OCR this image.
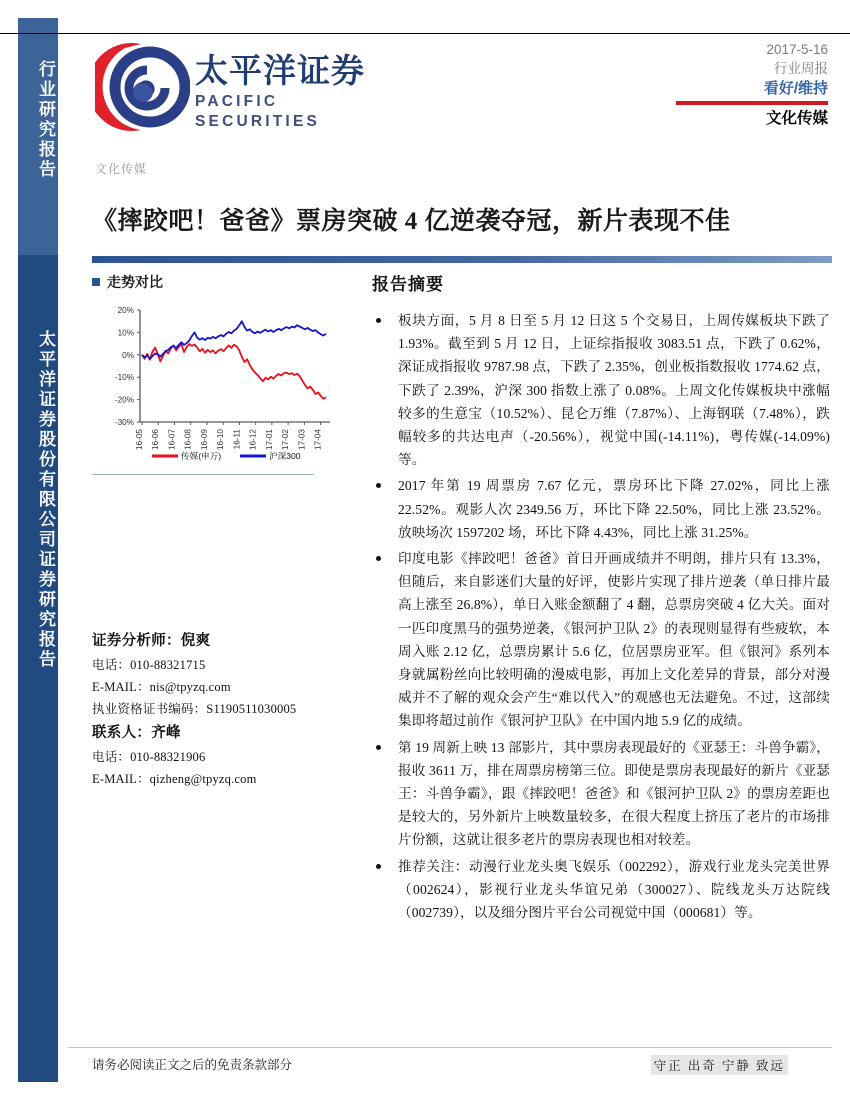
行业研究报告
太平洋证券股份有限公司证券研究报告
太平洋证券
PACIFIC SECURITIES
2017-5-16
行业周报
看好/维持
文化传媒
文化传媒
《摔跤吧！爸爸》票房突破 4 亿逆袭夺冠，新片表现不佳
走势对比
20%
10%
0%
-10%
-20%
-30%
16-05 16-06 16-07 16-08 16-09 16-10 16-11 16-12 17-01 17-02 17-03 17-04
传媒(申万)	沪深300
证券分析师：倪爽
电话：010-88321715
E-MAIL：nis@tpyzq.com
执业资格证书编码：S1190511030005
联系人：齐峰
电话：010-88321906
E-MAIL：qizheng@tpyzq.com
报告摘要
板块方面，5 月 8 日至 5 月 12 日这 5 个交易日，上周传媒板块下跌了 1.93%。截至到 5 月 12 日，上证综指报收 3083.51 点，下跌了 0.62%，深证成指报收 9787.98 点，下跌了 2.35%，创业板指数报收 1774.62 点，下跌了 2.39%，沪深 300 指数上涨了 0.08%。上周文化传媒板块中涨幅较多的生意宝（10.52%）、昆仑万维（7.87%）、上海钢联（7.48%），跌幅较多的共达电声（-20.56%），视觉中国(-14.11%)，粤传媒(-14.09%)等。
2017 年第 19 周票房 7.67 亿元，票房环比下降 27.02%，同比上涨 22.52%。观影人次 2349.56 万，环比下降 22.50%，同比上涨 23.52%。放映场次 1597202 场，环比下降 4.43%，同比上涨 31.25%。
印度电影《摔跤吧！爸爸》首日开画成绩并不明朗，排片只有 13.3%，但随后，来自影迷们大量的好评，使影片实现了排片逆袭（单日排片最高上涨至 26.8%），单日入账金额翻了 4 翻，总票房突破 4 亿大关。面对一匹印度黑马的强势逆袭，《银河护卫队 2》的表现则显得有些疲软，本周入账 2.12 亿，总票房累计 5.6 亿，位居票房亚军。但《银河》系列本身就属粉丝向比较明确的漫威电影，再加上文化差异的背景，部分对漫威并不了解的观众会产生“难以代入”的观感也无法避免。不过，这部续集即将超过前作《银河护卫队》在中国内地 5.9 亿的成绩。
第 19 周新上映 13 部影片，其中票房表现最好的《亚瑟王：斗兽争霸》，报收 3611 万，排在周票房榜第三位。即使是票房表现最好的新片《亚瑟王：斗兽争霸》，跟《摔跤吧！爸爸》和《银河护卫队 2》的票房差距也是较大的，另外新片上映数量较多，在很大程度上挤压了老片的市场排片份额，这就让很多老片的票房表现也相对较差。
推荐关注：动漫行业龙头奥飞娱乐（002292），游戏行业龙头完美世界（002624），影视行业龙头华谊兄弟（300027）、院线龙头万达院线（002739），以及细分图片平台公司视觉中国（000681）等。
请务必阅读正文之后的免责条款部分	守正 出奇 宁静 致远
